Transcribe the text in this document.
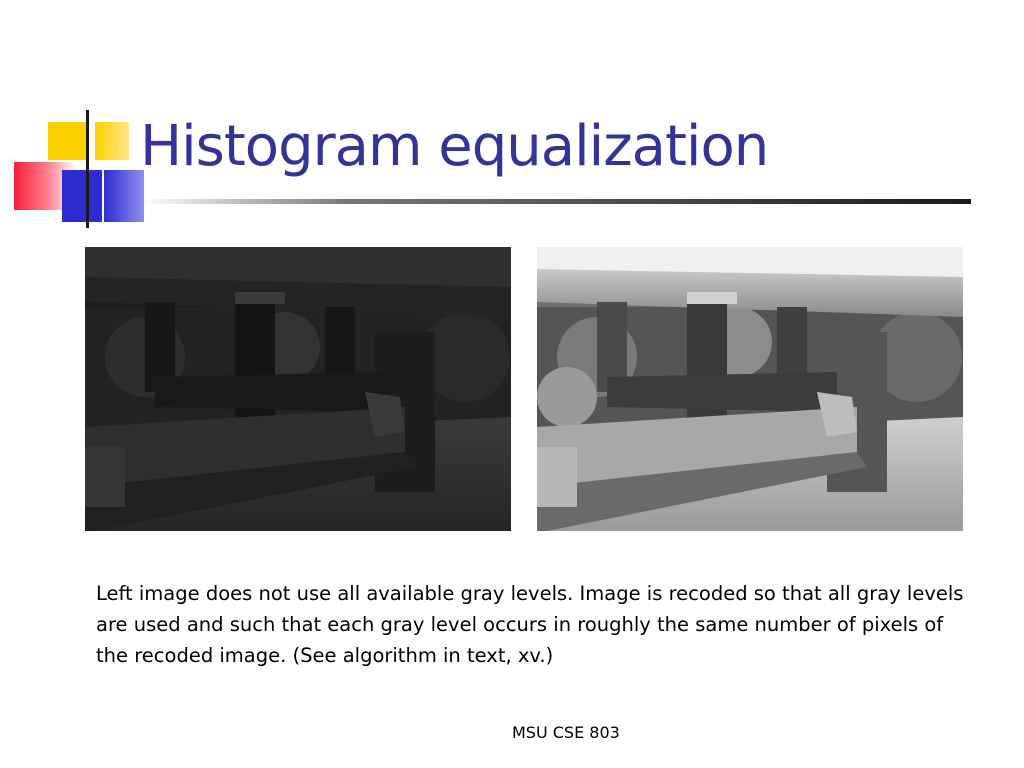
Histogram equalization

Left image does not use all available gray levels. Image is recoded so that all gray levels are used and such that each gray level occurs in roughly the same number of pixels of the recoded image. (See algorithm in text, xv.)

MSU CSE 803
